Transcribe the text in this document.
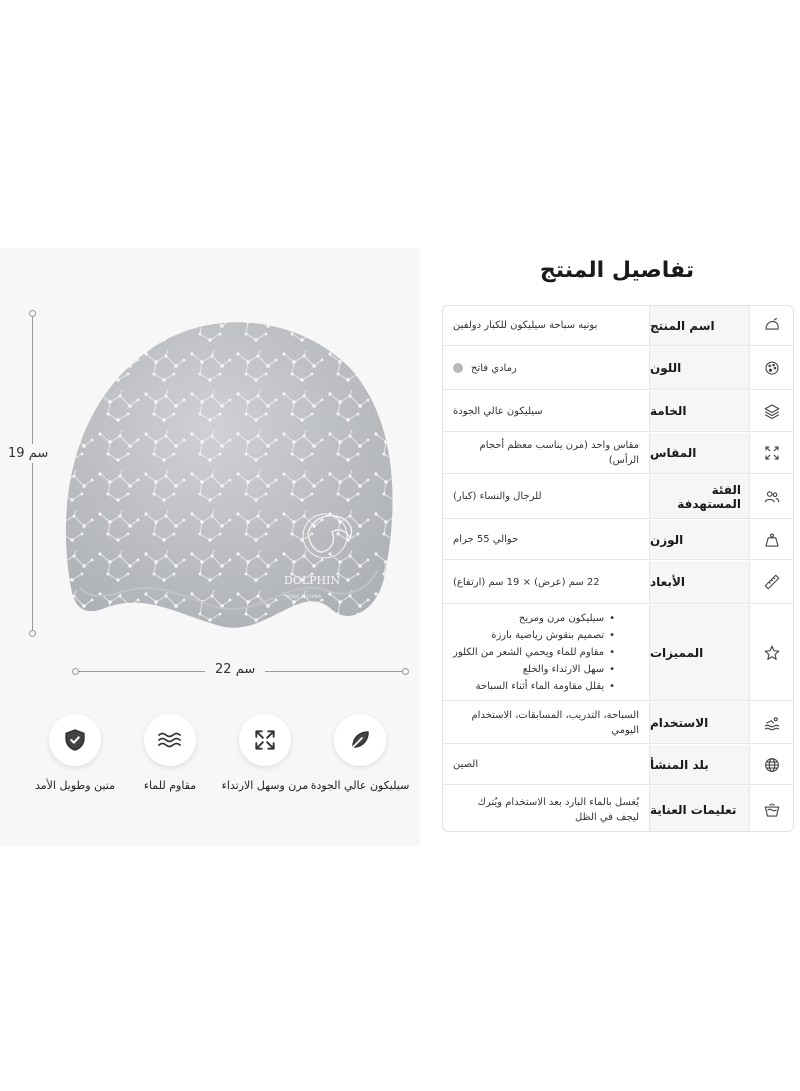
19 سم
DOLPHIN
MADE IN CHINA
22 سم
سيليكون عالي الجودة
مرن وسهل الارتداء
مقاوم للماء
متين وطويل الأمد
تفاصيل المنتج
اسم المنتج
بونيه سباحة سيليكون للكبار دولفين
اللون
رمادي فاتح
الخامة
سيليكون عالي الجودة
المقاس
مقاس واحد (مرن يناسب معظم أحجام الرأس)
الفئة المستهدفة
للرجال والنساء (كبار)
الوزن
حوالي 55 جرام
الأبعاد
22 سم (عرض) × 19 سم (ارتفاع)
المميزات
• سيليكون مرن ومريح
• تصميم بنقوش رياضية بارزة
• مقاوم للماء ويحمي الشعر من الكلور
• سهل الارتداء والخلع
• يقلل مقاومة الماء أثناء السباحة
الاستخدام
السباحة، التدريب، المسابقات، الاستخدام اليومي
بلد المنشأ
الصين
تعليمات العناية
يُغسل بالماء البارد بعد الاستخدام ويُترك ليجف في الظل
